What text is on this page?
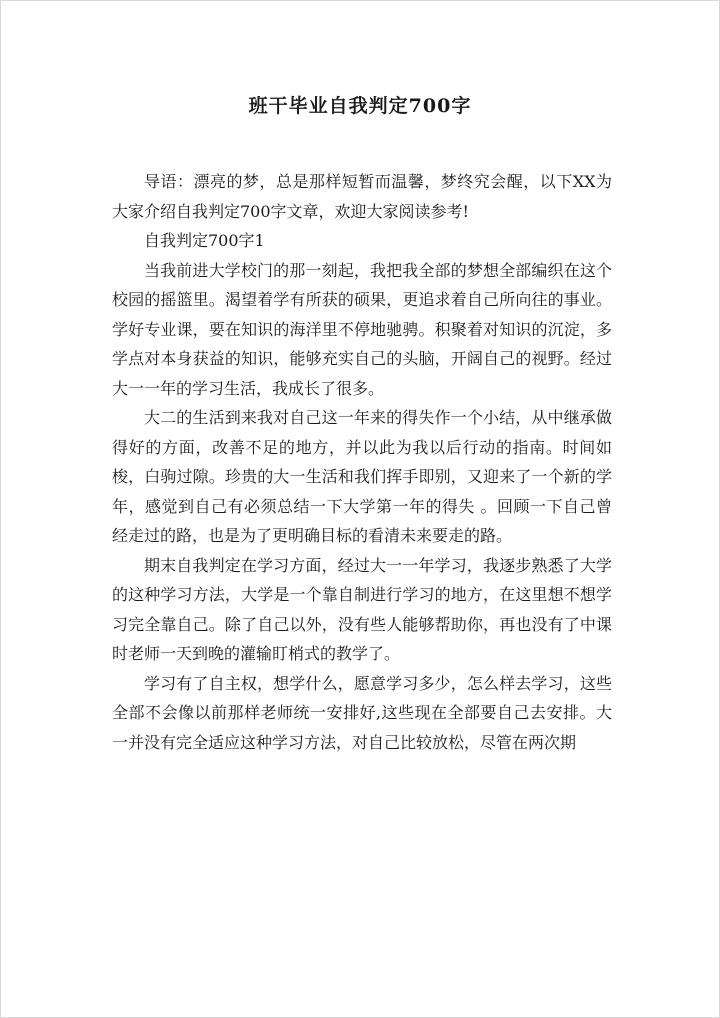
班干毕业自我判定700字

导语：漂亮的梦，总是那样短暂而温馨，梦终究会醒，以下XX为大家介绍自我判定700字文章，欢迎大家阅读参考!

自我判定700字1

当我前进大学校门的那一刻起，我把我全部的梦想全部编织在这个校园的摇篮里。渴望着学有所获的硕果，更追求着自己所向往的事业。学好专业课，要在知识的海洋里不停地驰骋。积聚着对知识的沉淀，多学点对本身获益的知识，能够充实自己的头脑，开阔自己的视野。经过大一一年的学习生活，我成长了很多。

大二的生活到来我对自己这一年来的得失作一个小结，从中继承做得好的方面，改善不足的地方，并以此为我以后行动的指南。时间如梭，白驹过隙。珍贵的大一生活和我们挥手即别，又迎来了一个新的学年，感觉到自己有必须总结一下大学第一年的得失 。回顾一下自己曾经走过的路，也是为了更明确目标的看清未来要走的路。

期末自我判定在学习方面，经过大一一年学习，我逐步熟悉了大学的这种学习方法，大学是一个靠自制进行学习的地方，在这里想不想学习完全靠自己。除了自己以外，没有些人能够帮助你，再也没有了中课时老师一天到晚的灌输盯梢式的教学了。

学习有了自主权，想学什么，愿意学习多少，怎么样去学习，这些全部不会像以前那样老师统一安排好,这些现在全部要自己去安排。大一并没有完全适应这种学习方法，对自己比较放松，尽管在两次期
